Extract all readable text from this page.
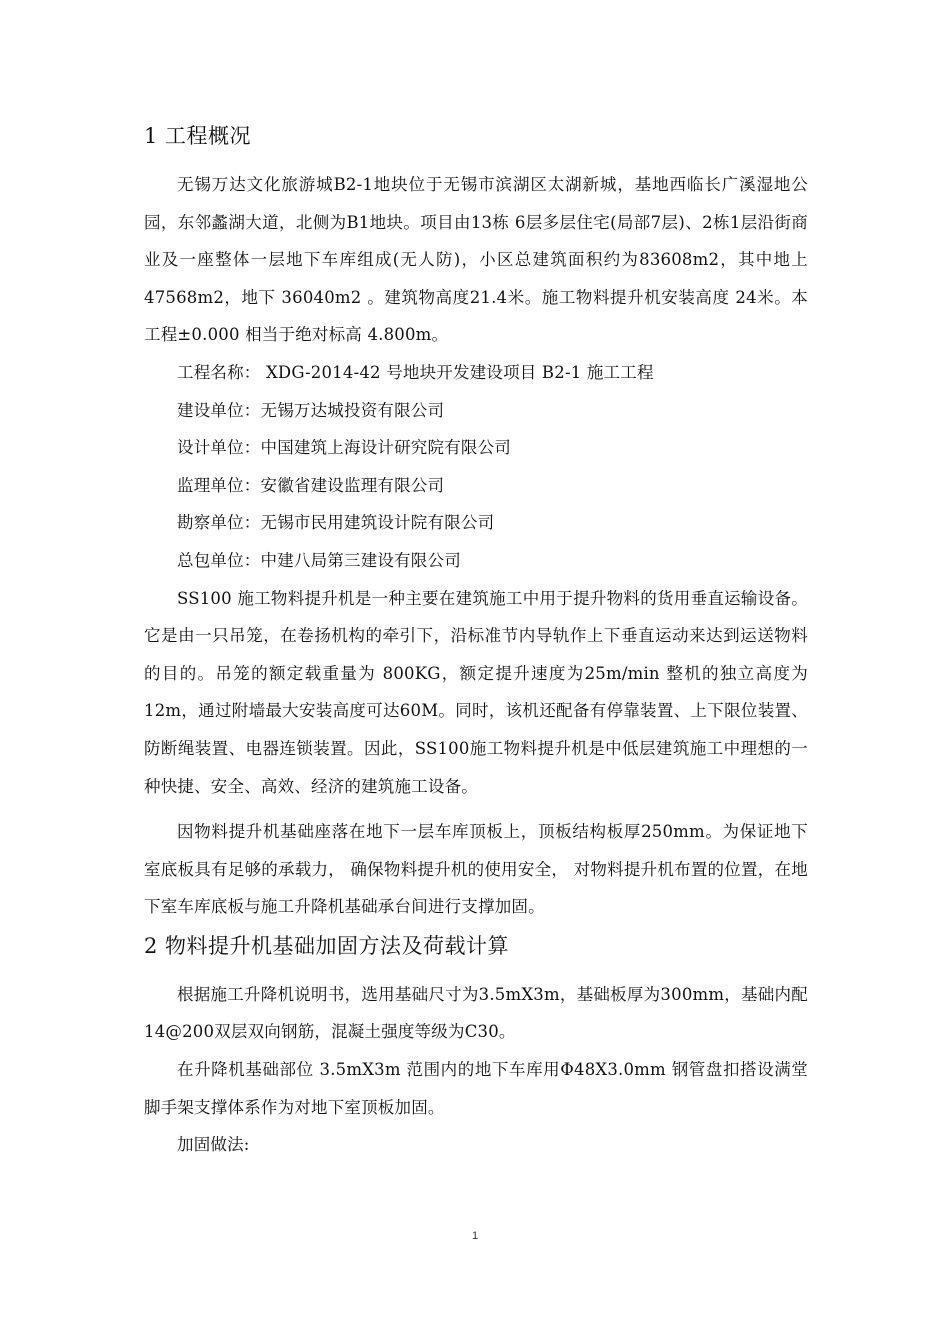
1 工程概况

无锡万达文化旅游城B2-1地块位于无锡市滨湖区太湖新城，基地西临长广溪湿地公园，东邻蠡湖大道，北侧为B1地块。项目由13栋 6层多层住宅(局部7层)、2栋1层沿街商业及一座整体一层地下车库组成(无人防)，小区总建筑面积约为83608m2，其中地上 47568m2，地下 36040m2 。建筑物高度21.4米。施工物料提升机安装高度 24米。本工程±0.000 相当于绝对标高 4.800m。

工程名称： XDG-2014-42 号地块开发建设项目 B2-1 施工工程

建设单位：无锡万达城投资有限公司

设计单位：中国建筑上海设计研究院有限公司

监理单位：安徽省建设监理有限公司

勘察单位：无锡市民用建筑设计院有限公司

总包单位：中建八局第三建设有限公司

SS100 施工物料提升机是一种主要在建筑施工中用于提升物料的货用垂直运输设备。它是由一只吊笼，在卷扬机构的牵引下，沿标准节内导轨作上下垂直运动来达到运送物料的目的。吊笼的额定载重量为 800KG，额定提升速度为25m/min 整机的独立高度为12m，通过附墙最大安装高度可达60M。同时，该机还配备有停靠装置、上下限位装置、防断绳装置、电器连锁装置。因此，SS100施工物料提升机是中低层建筑施工中理想的一种快捷、安全、高效、经济的建筑施工设备。

因物料提升机基础座落在地下一层车库顶板上，顶板结构板厚250mm。为保证地下室底板具有足够的承载力， 确保物料提升机的使用安全， 对物料提升机布置的位置，在地下室车库底板与施工升降机基础承台间进行支撑加固。

2 物料提升机基础加固方法及荷载计算

根据施工升降机说明书，选用基础尺寸为3.5mX3m，基础板厚为300mm，基础内配14@200双层双向钢筋，混凝土强度等级为C30。

在升降机基础部位 3.5mX3m 范围内的地下车库用Φ48X3.0mm 钢管盘扣搭设满堂脚手架支撑体系作为对地下室顶板加固。

加固做法:

1
